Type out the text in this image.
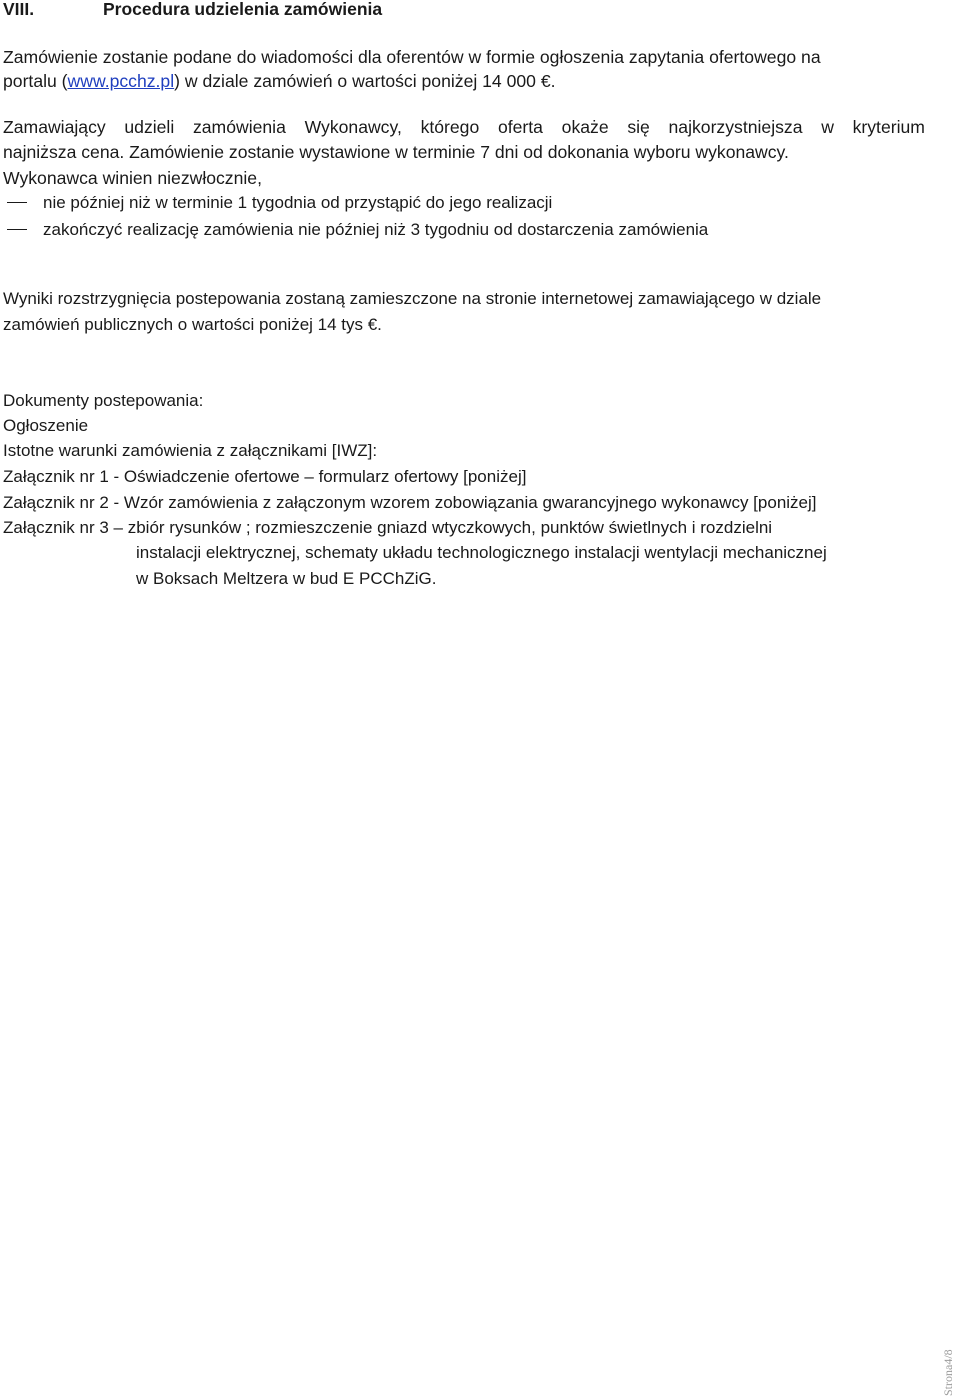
VIII.	Procedura udzielenia zamówienia
Zamówienie zostanie podane do wiadomości dla oferentów w formie ogłoszenia zapytania ofertowego na
portalu (www.pcchz.pl) w dziale zamówień o wartości poniżej 14 000 €.
Zamawiający udzieli zamówienia Wykonawcy, którego oferta okaże się najkorzystniejsza w kryterium
najniższa cena. Zamówienie zostanie wystawione w terminie 7 dni od dokonania wyboru wykonawcy.
Wykonawca winien niezwłocznie,
nie później niż w terminie 1 tygodnia od przystąpić do jego realizacji
zakończyć realizację zamówienia nie później niż 3 tygodniu od dostarczenia zamówienia
Wyniki rozstrzygnięcia postepowania zostaną zamieszczone na stronie internetowej zamawiającego w dziale
zamówień publicznych o wartości poniżej 14 tys €.
Dokumenty postepowania:
Ogłoszenie
Istotne warunki zamówienia z załącznikami [IWZ]:
Załącznik nr 1 - Oświadczenie ofertowe – formularz ofertowy [poniżej]
Załącznik nr 2 - Wzór zamówienia z załączonym wzorem zobowiązania gwarancyjnego wykonawcy [poniżej]
Załącznik nr 3 – zbiór rysunków ; rozmieszczenie gniazd wtyczkowych, punktów świetlnych i rozdzielni
instalacji elektrycznej, schematy układu technologicznego instalacji wentylacji mechanicznej
w Boksach Meltzera w bud E PCChZiG.
Strona4/8
